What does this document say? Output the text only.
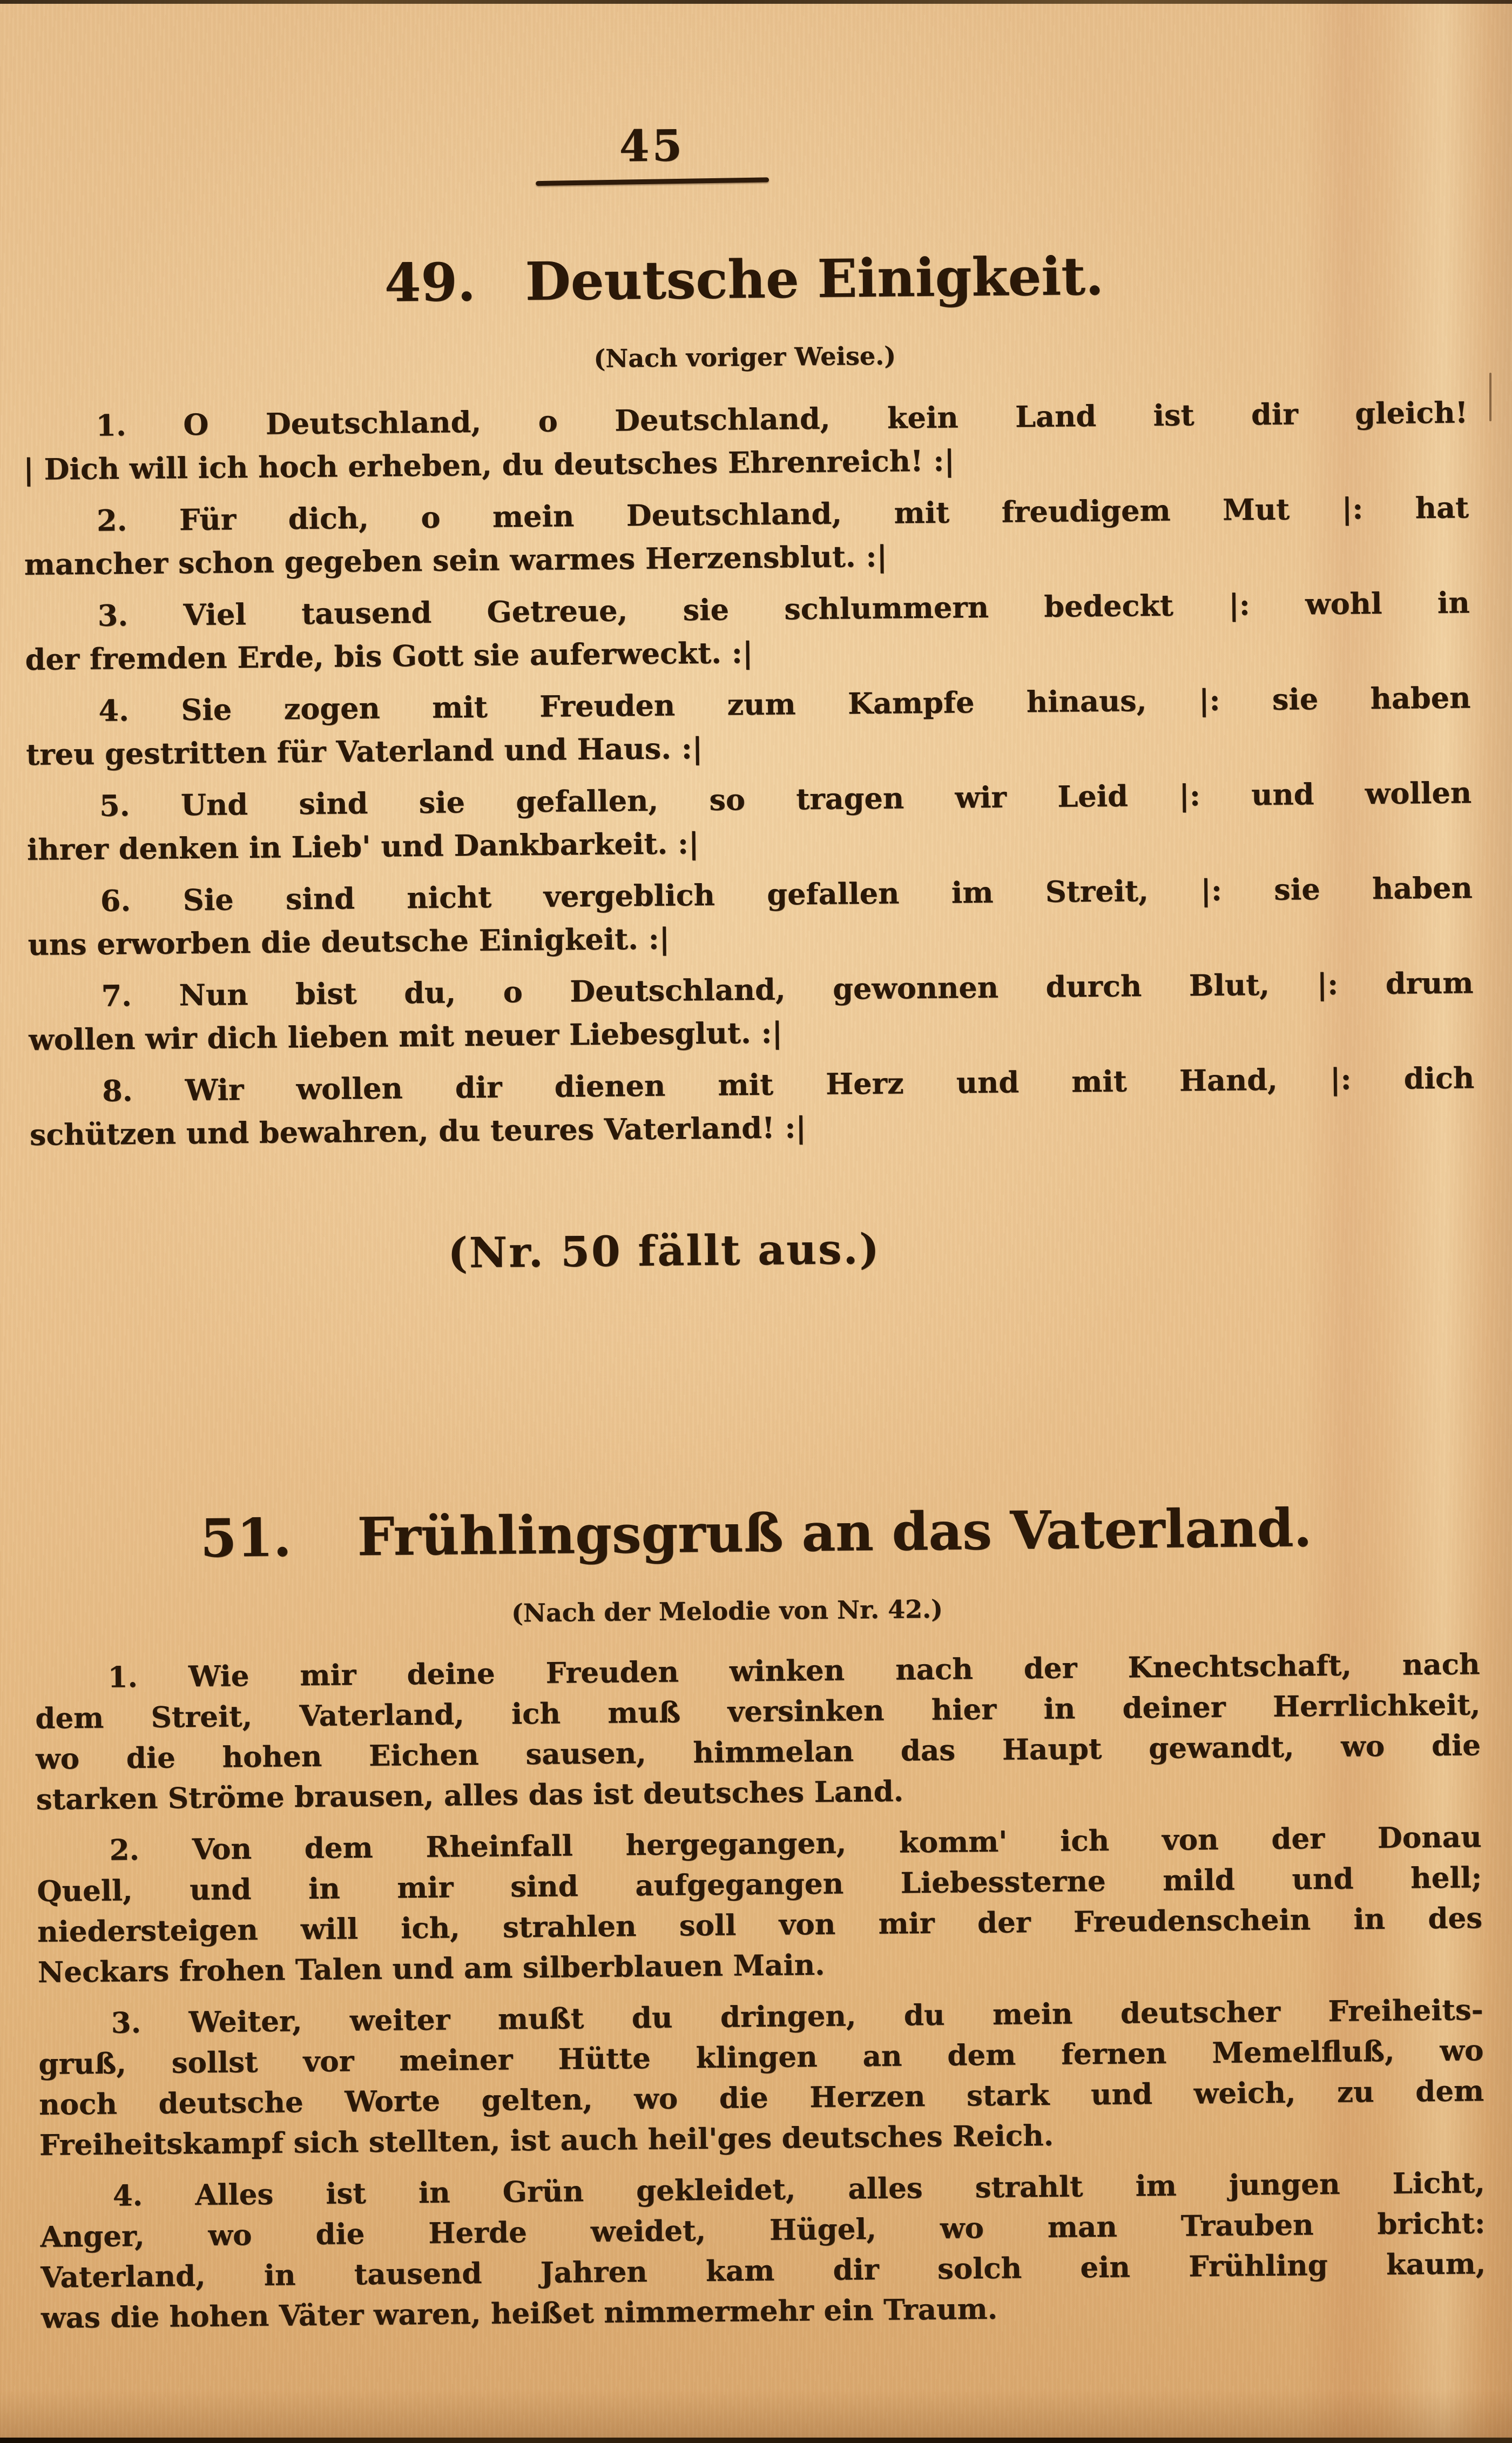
45
49. Deutsche Einigkeit.
(Nach voriger Weise.)

1. O Deutschland, o Deutschland, kein Land ist dir gleich!
| Dich will ich hoch erheben, du deutsches Ehrenreich! :|

2. Für dich, o mein Deutschland, mit freudigem Mut |: hat
mancher schon gegeben sein warmes Herzensblut. :|

3. Viel tausend Getreue, sie schlummern bedeckt |: wohl in
der fremden Erde, bis Gott sie auferweckt. :|

4. Sie zogen mit Freuden zum Kampfe hinaus, |: sie haben
treu gestritten für Vaterland und Haus. :|

5. Und sind sie gefallen, so tragen wir Leid |: und wollen
ihrer denken in Lieb' und Dankbarkeit. :|

6. Sie sind nicht vergeblich gefallen im Streit, |: sie haben
uns erworben die deutsche Einigkeit. :|

7. Nun bist du, o Deutschland, gewonnen durch Blut, |: drum
wollen wir dich lieben mit neuer Liebesglut. :|

8. Wir wollen dir dienen mit Herz und mit Hand, |: dich
schützen und bewahren, du teures Vaterland! :|

(Nr. 50 fällt aus.)
51. Frühlingsgruß an das Vaterland.
(Nach der Melodie von Nr. 42.)

1. Wie mir deine Freuden winken nach der Knechtschaft, nach
dem Streit, Vaterland, ich muß versinken hier in deiner Herrlichkeit,
wo die hohen Eichen sausen, himmelan das Haupt gewandt, wo die
starken Ströme brausen, alles das ist deutsches Land.

2. Von dem Rheinfall hergegangen, komm' ich von der Donau
Quell, und in mir sind aufgegangen Liebessterne mild und hell;
niedersteigen will ich, strahlen soll von mir der Freudenschein in des
Neckars frohen Talen und am silberblauen Main.

3. Weiter, weiter mußt du dringen, du mein deutscher Freiheits-
gruß, sollst vor meiner Hütte klingen an dem fernen Memelfluß, wo
noch deutsche Worte gelten, wo die Herzen stark und weich, zu dem
Freiheitskampf sich stellten, ist auch heil'ges deutsches Reich.

4. Alles ist in Grün gekleidet, alles strahlt im jungen Licht,
Anger, wo die Herde weidet, Hügel, wo man Trauben bricht:
Vaterland, in tausend Jahren kam dir solch ein Frühling kaum,
was die hohen Väter waren, heißet nimmermehr ein Traum.
